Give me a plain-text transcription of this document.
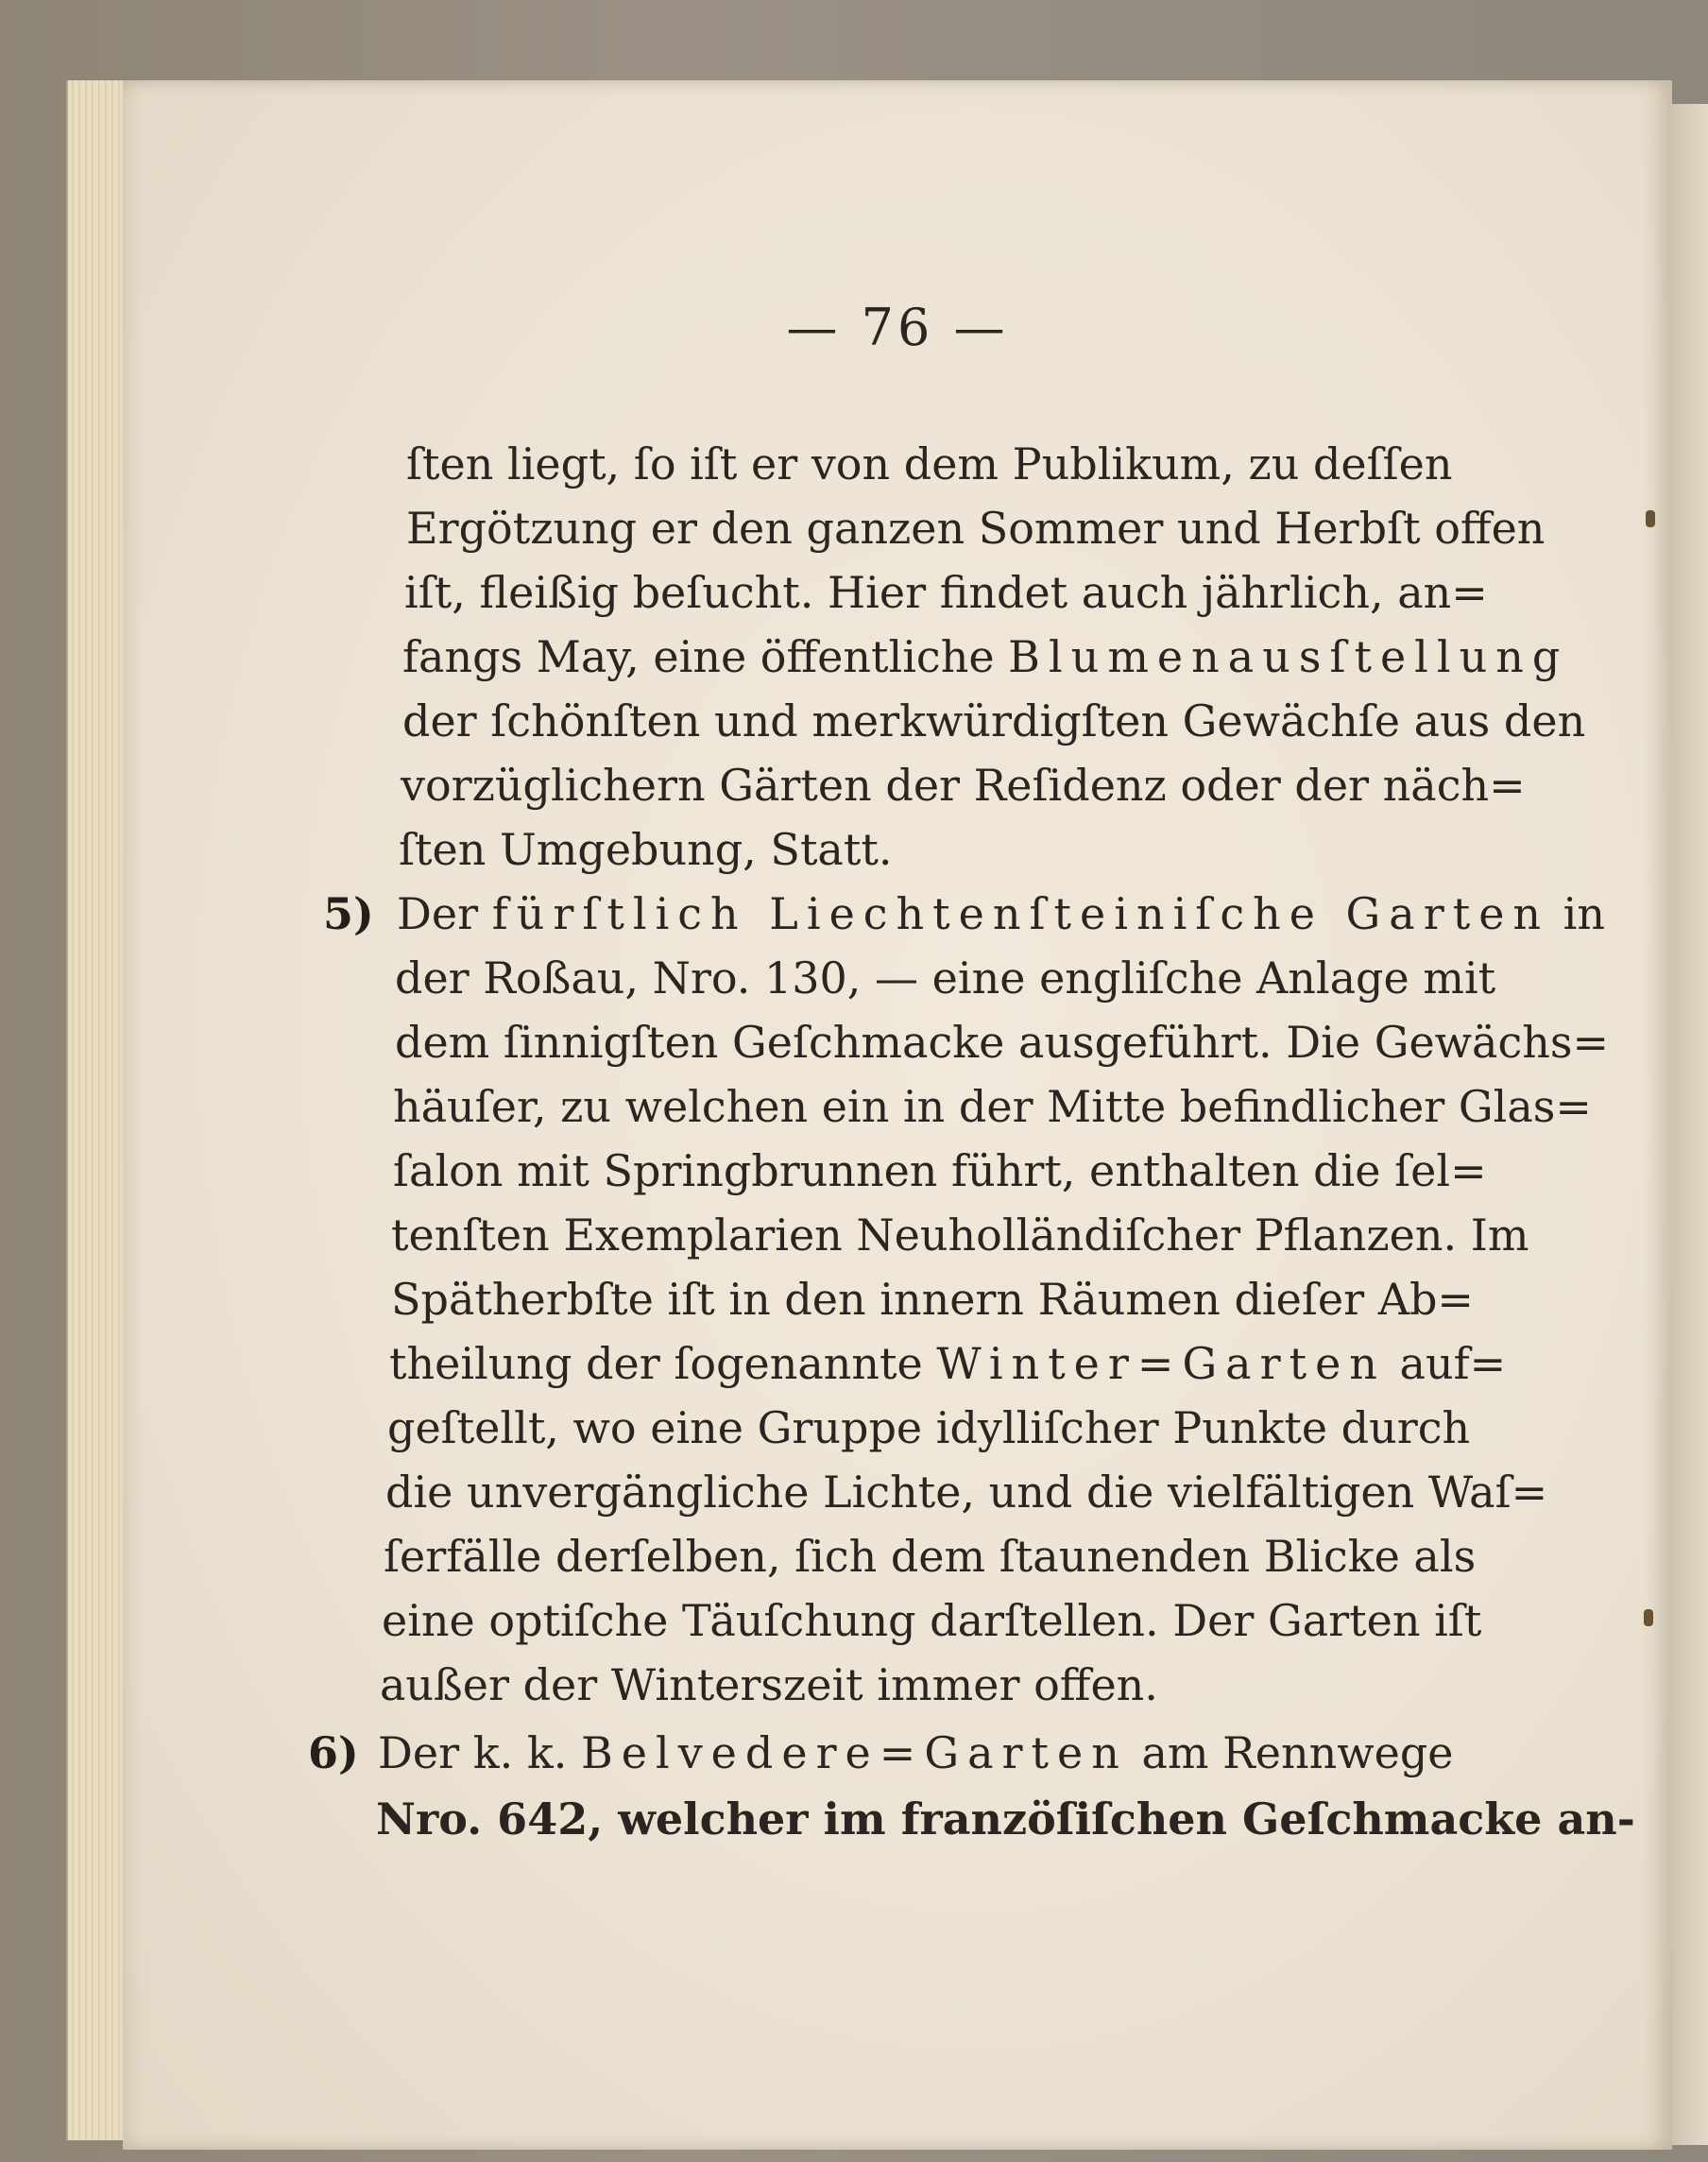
— 76 —
ſten liegt, ſo iſt er von dem Publikum, zu deſſen
Ergötzung er den ganzen Sommer und Herbſt offen
iſt, fleißig beſucht. Hier findet auch jährlich, an=
fangs May, eine öffentliche Blumenausſtellung
der ſchönſten und merkwürdigſten Gewächſe aus den
vorzüglichern Gärten der Reſidenz oder der näch=
ſten Umgebung, Statt.
5) Der fürſtlich Liechtenſteiniſche Garten in
der Roßau, Nro. 130, — eine engliſche Anlage mit
dem ſinnigſten Geſchmacke ausgeführt. Die Gewächs=
häuſer, zu welchen ein in der Mitte befindlicher Glas=
ſalon mit Springbrunnen führt, enthalten die ſel=
tenſten Exemplarien Neuholländiſcher Pflanzen. Im
Spätherbſte iſt in den innern Räumen dieſer Ab=
theilung der ſogenannte Winter=Garten auf=
geſtellt, wo eine Gruppe idylliſcher Punkte durch
die unvergängliche Lichte, und die vielfältigen Waſ=
ſerfälle derſelben, ſich dem ſtaunenden Blicke als
eine optiſche Täuſchung darſtellen. Der Garten iſt
außer der Winterszeit immer offen.
6) Der k. k. Belvedere=Garten am Rennwege
Nro. 642, welcher im franzöſiſchen Geſchmacke an-
